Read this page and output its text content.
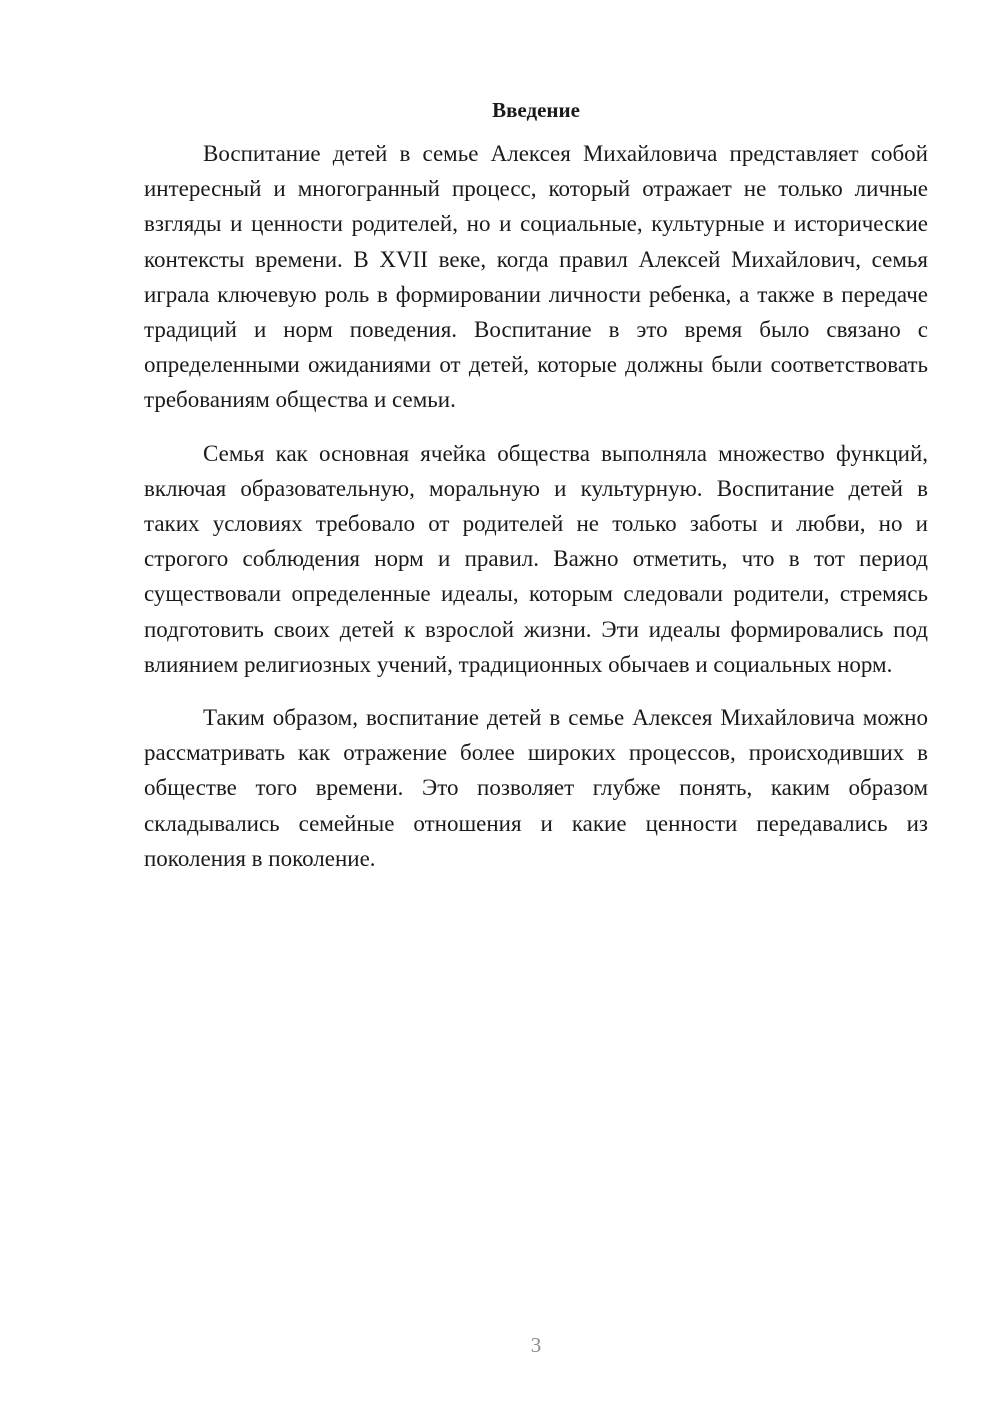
Введение

Воспитание детей в семье Алексея Михайловича представляет собой интересный и многогранный процесс, который отражает не только личные взгляды и ценности родителей, но и социальные, культурные и исторические контексты времени. В XVII веке, когда правил Алексей Михайлович, семья играла ключевую роль в формировании личности ребенка, а также в передаче традиций и норм поведения. Воспитание в это время было связано с определенными ожиданиями от детей, которые должны были соответствовать требованиям общества и семьи.

Семья как основная ячейка общества выполняла множество функций, включая образовательную, моральную и культурную. Воспитание детей в таких условиях требовало от родителей не только заботы и любви, но и строгого соблюдения норм и правил. Важно отметить, что в тот период существовали определенные идеалы, которым следовали родители, стремясь подготовить своих детей к взрослой жизни. Эти идеалы формировались под влиянием религиозных учений, традиционных обычаев и социальных норм.

Таким образом, воспитание детей в семье Алексея Михайловича можно рассматривать как отражение более широких процессов, происходивших в обществе того времени. Это позволяет глубже понять, каким образом складывались семейные отношения и какие ценности передавались из поколения в поколение.

3
